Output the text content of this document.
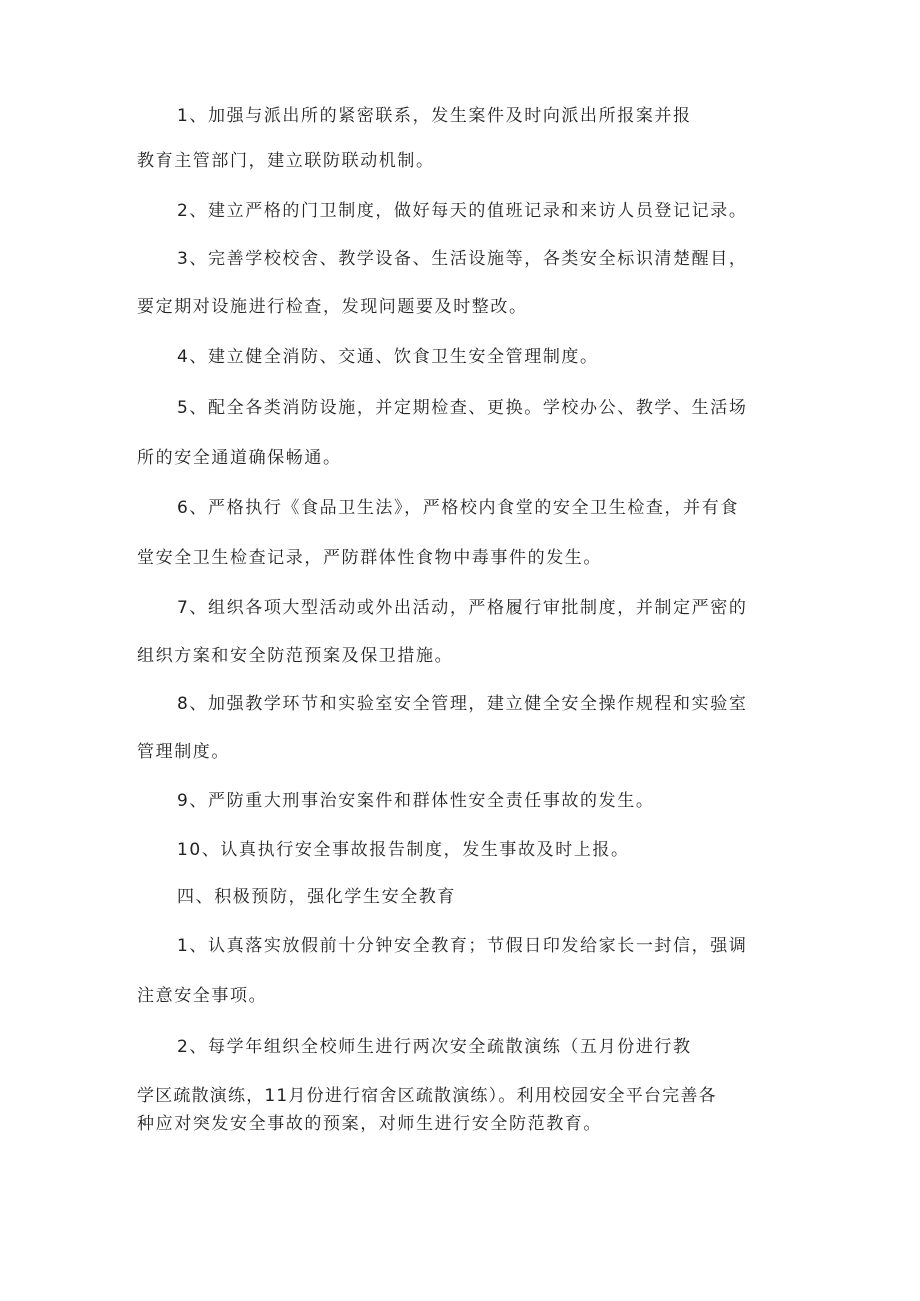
1、加强与派出所的紧密联系，发生案件及时向派出所报案并报
教育主管部门，建立联防联动机制。
2、建立严格的门卫制度，做好每天的值班记录和来访人员登记记录。
3、完善学校校舍、教学设备、生活设施等，各类安全标识清楚醒目，
要定期对设施进行检查，发现问题要及时整改。
4、建立健全消防、交通、饮食卫生安全管理制度。
5、配全各类消防设施，并定期检查、更换。学校办公、教学、生活场
所的安全通道确保畅通。
6、严格执行《食品卫生法》，严格校内食堂的安全卫生检查，并有食
堂安全卫生检查记录，严防群体性食物中毒事件的发生。
7、组织各项大型活动或外出活动，严格履行审批制度，并制定严密的
组织方案和安全防范预案及保卫措施。
8、加强教学环节和实验室安全管理，建立健全安全操作规程和实验室
管理制度。
9、严防重大刑事治安案件和群体性安全责任事故的发生。
10、认真执行安全事故报告制度，发生事故及时上报。
四、积极预防，强化学生安全教育
1、认真落实放假前十分钟安全教育；节假日印发给家长一封信，强调
注意安全事项。
2、每学年组织全校师生进行两次安全疏散演练（五月份进行教
学区疏散演练，11月份进行宿舍区疏散演练）。利用校园安全平台完善各
种应对突发安全事故的预案，对师生进行安全防范教育。
